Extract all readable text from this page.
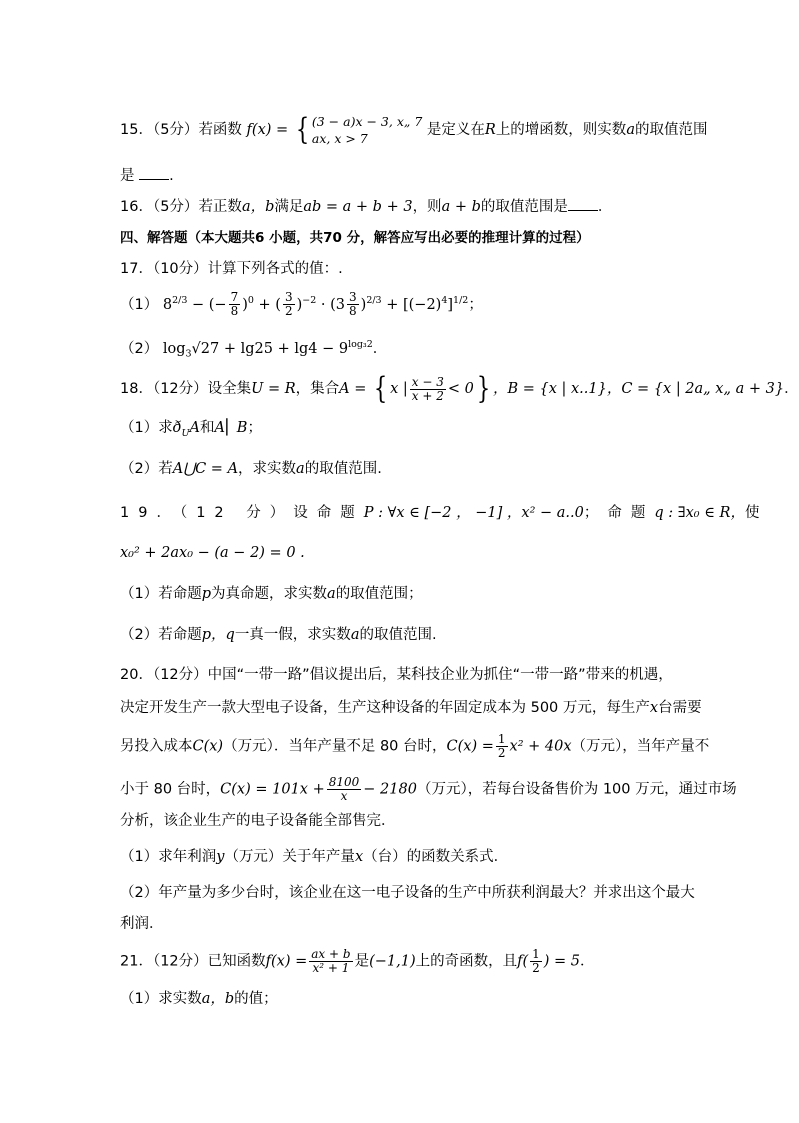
15．（5分）若函数 f(x) = { (3 − a)x − 3, x„ 7
ax, x > 7
是定义在R上的增函数，则实数a的取值范围
是 .
16．（5分）若正数a，b满足ab = a + b + 3，则a + b的取值范围是 ．
四、解答题（本大题共6 小题，共70 分，解答应写出必要的推理计算的过程）
17．（10分）计算下列各式的值：.
（1） $8^{2/3}$ − (− $\frac{7}{8} )^0$ + ( $\frac{3}{2} )^{-2} \cdot (3 \frac{3}{8} )^{2/3} + [(-2)^4]^{1/2}$；
（2） $\log_3√27 + \lg 25 + \lg 4 - 9^{log_32}$．
18．（12分）设全集U = R，集合A = { x | $\frac{x - 3}{x + 2} < 0$} ，B = {x | x..1}，C = {x | 2a„ x„ a + 3}．
（1）求$ð_UA$和A⎜ B；
（2）若A⋃C = A，求实数a的取值范围.
19．（12 分）设命题 P : ∀x ∈ [−2 ， −1] ， x² − a..0 ；命题 q : ∃x₀ ∈ R， 使
x₀² + 2ax₀ − (a − 2) = 0 .
（1）若命题p为真命题，求实数a的取值范围；
（2）若命题p，q一真一假，求实数a的取值范围.
20．（12分）中国“一带一路”倡议提出后，某科技企业为抓住“一带一路”带来的机遇，
决定开发生产一款大型电子设备，生产这种设备的年固定成本为 500 万元，每生产x台需要
另投入成本C(x)（万元）．当年产量不足 80 台时，$C(x) = \frac{1}{2} x^2 + 40x$（万元），当年产量不
小于 80 台时，$C(x) = 101x + \frac{8100}{x} - 2180$（万元），若每台设备售价为 100 万元，通过市场
分析，该企业生产的电子设备能全部售完．
（1）求年利润y（万元）关于年产量x（台）的函数关系式．
（2）年产量为多少台时，该企业在这一电子设备的生产中所获利润最大？并求出这个最大
利润．
21．（12分）已知函数$f(x) = \frac{ax + b}{\text{x² + 1}}$ 是(−1,1)上的奇函数，且$f( \frac{1}{2}$ ) = 5．
（1）求实数a，b的值；
